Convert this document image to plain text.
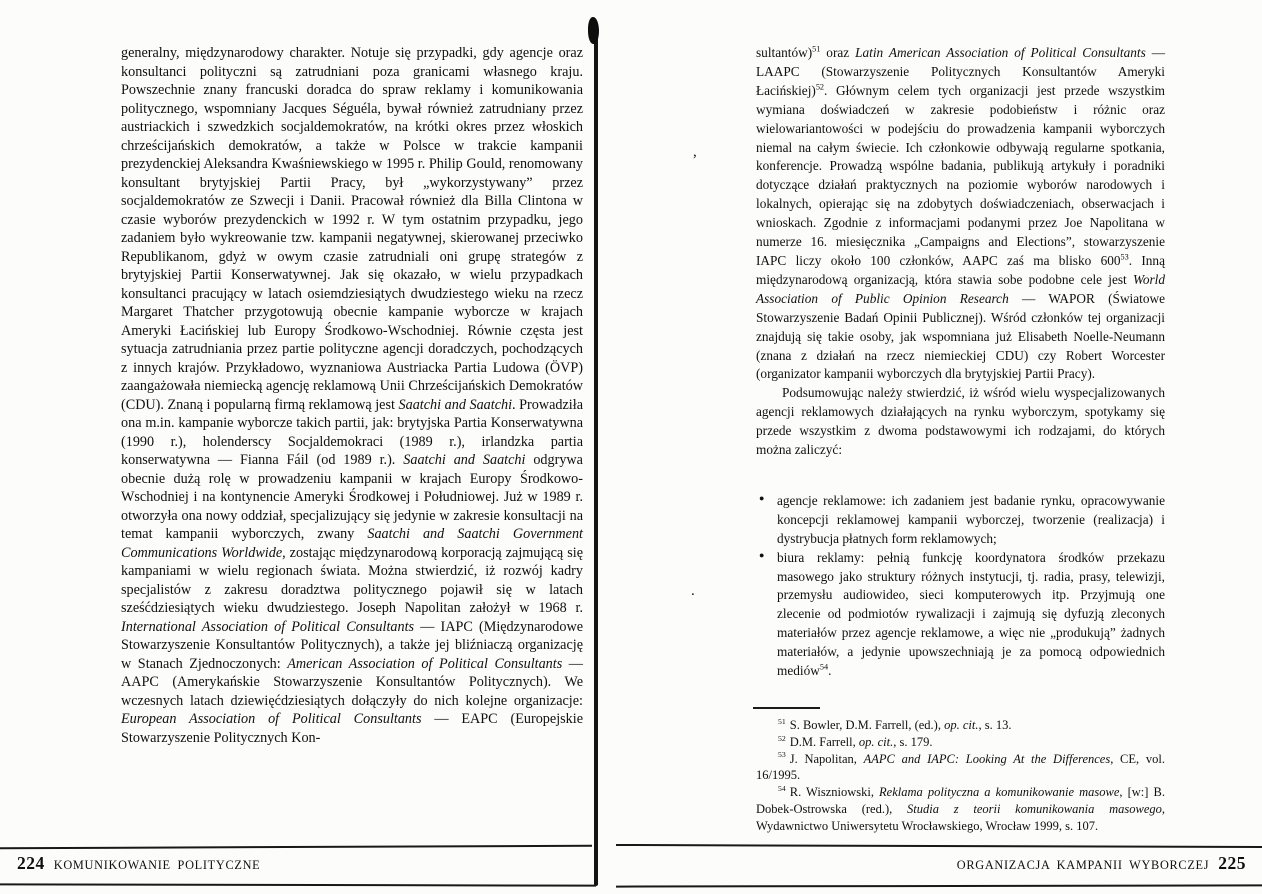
generalny, międzynarodowy charakter. Notuje się przypadki, gdy agencje oraz konsultanci polityczni są zatrudniani poza granicami własnego kraju. Powszechnie znany francuski doradca do spraw reklamy i komunikowania politycznego, wspomniany Jacques Séguéla, bywał również zatrudniany przez austriackich i szwedzkich socjaldemokratów, na krótki okres przez włoskich chrześcijańskich demokratów, a także w Polsce w trakcie kampanii prezydenckiej Aleksandra Kwaśniewskiego w 1995 r. Philip Gould, renomowany konsultant brytyjskiej Partii Pracy, był „wykorzystywany” przez socjaldemokratów ze Szwecji i Danii. Pracował również dla Billa Clintona w czasie wyborów prezydenckich w 1992 r. W tym ostatnim przypadku, jego zadaniem było wykreowanie tzw. kampanii negatywnej, skierowanej przeciwko Republikanom, gdyż w owym czasie zatrudniali oni grupę strategów z brytyjskiej Partii Konserwatywnej. Jak się okazało, w wielu przypadkach konsultanci pracujący w latach osiemdziesiątych dwudziestego wieku na rzecz Margaret Thatcher przygotowują obecnie kampanie wyborcze w krajach Ameryki Łacińskiej lub Europy Środkowo-Wschodniej. Równie częsta jest sytuacja zatrudniania przez partie polityczne agencji doradczych, pochodzących z innych krajów. Przykładowo, wyznaniowa Austriacka Partia Ludowa (ÖVP) zaangażowała niemiecką agencję reklamową Unii Chrześcijańskich Demokratów (CDU). Znaną i popularną firmą reklamową jest Saatchi and Saatchi. Prowadziła ona m.in. kampanie wyborcze takich partii, jak: brytyjska Partia Konserwatywna (1990 r.), holenderscy Socjaldemokraci (1989 r.), irlandzka partia konserwatywna — Fianna Fáil (od 1989 r.). Saatchi and Saatchi odgrywa obecnie dużą rolę w prowadzeniu kampanii w krajach Europy Środkowo-Wschodniej i na kontynencie Ameryki Środkowej i Południowej. Już w 1989 r. otworzyła ona nowy oddział, specjalizujący się jedynie w zakresie konsultacji na temat kampanii wyborczych, zwany Saatchi and Saatchi Government Communications Worldwide, zostając międzynarodową korporacją zajmującą się kampaniami w wielu regionach świata. Można stwierdzić, iż rozwój kadry specjalistów z zakresu doradztwa politycznego pojawił się w latach sześćdziesiątych wieku dwudziestego. Joseph Napolitan założył w 1968 r. International Association of Political Consultants — IAPC (Międzynarodowe Stowarzyszenie Konsultantów Politycznych), a także jej bliźniaczą organizację w Stanach Zjednoczonych: American Association of Political Consultants — AAPC (Amerykańskie Stowarzyszenie Konsultantów Politycznych). We wczesnych latach dziewięćdziesiątych dołączyły do nich kolejne organizacje: European Association of Political Consultants — EAPC (Europejskie Stowarzyszenie Politycznych Kon-

,
.

sultantów)$^{51}$ oraz Latin American Association of Political Consultants — LAAPC (Stowarzyszenie Politycznych Konsultantów Ameryki Łacińskiej)$^{52}$. Głównym celem tych organizacji jest przede wszystkim wymiana doświadczeń w zakresie podobieństw i różnic oraz wielowariantowości w podejściu do prowadzenia kampanii wyborczych niemal na całym świecie. Ich członkowie odbywają regularne spotkania, konferencje. Prowadzą wspólne badania, publikują artykuły i poradniki dotyczące działań praktycznych na poziomie wyborów narodowych i lokalnych, opierając się na zdobytych doświadczeniach, obserwacjach i wnioskach. Zgodnie z informacjami podanymi przez Joe Napolitana w numerze 16. miesięcznika „Campaigns and Elections”, stowarzyszenie IAPC liczy około 100 członków, AAPC zaś ma blisko $600^{53}$. Inną międzynarodową organizacją, która stawia sobe podobne cele jest World Association of Public Opinion Research — WAPOR (Światowe Stowarzyszenie Badań Opinii Publicznej). Wśród członków tej organizacji znajdują się takie osoby, jak wspomniana już Elisabeth Noelle-Neumann (znana z działań na rzecz niemieckiej CDU) czy Robert Worcester (organizator kampanii wyborczych dla brytyjskiej Partii Pracy).

Podsumowując należy stwierdzić, iż wśród wielu wyspecjalizowanych agencji reklamowych działających na rynku wyborczym, spotykamy się przede wszystkim z dwoma podstawowymi ich rodzajami, do których można zaliczyć:

● agencje reklamowe: ich zadaniem jest badanie rynku, opracowywanie koncepcji reklamowej kampanii wyborczej, tworzenie (realizacja) i dystrybucja płatnych form reklamowych;
● biura reklamy: pełnią funkcję koordynatora środków przekazu masowego jako struktury różnych instytucji, tj. radia, prasy, telewizji, przemysłu audiowideo, sieci komputerowych itp. Przyjmują one zlecenie od podmiotów rywalizacji i zajmują się dyfuzją zleconych materiałów przez agencje reklamowe, a więc nie „produkują” żadnych materiałów, a jedynie upowszechniają je za pomocą odpowiednich mediów$^{54}$.

$^{51}$ S. Bowler, D.M. Farrell, (ed.), op. cit., s. 13.

$^{52}$ D.M. Farrell, op. cit., s. 179.

$^{53}$ J. Napolitan, AAPC and IAPC: Looking At the Differences, CE, vol. 16/1995.

$^{54}$ R. Wiszniowski, Reklama polityczna a komunikowanie masowe, [w:] B. Dobek-Ostrowska (red.), Studia z teorii komunikowania masowego, Wydawnictwo Uniwersytetu Wrocławskiego, Wrocław 1999, s. 107.

224 KOMUNIKOWANIE POLITYCZNE	ORGANIZACJA KAMPANII WYBORCZEJ 225
